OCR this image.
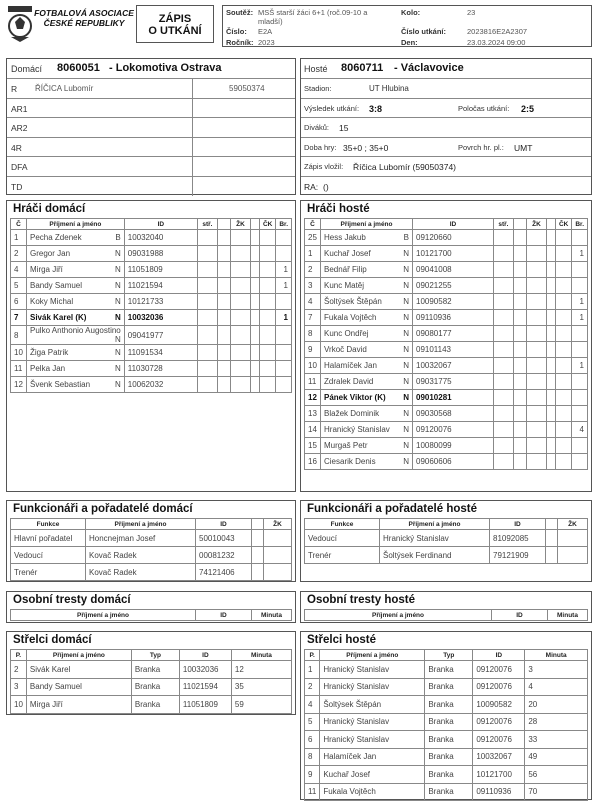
FOTBALOVÁ ASOCIACE ČESKÉ REPUBLIKY	ZÁPIS
O UTKÁNÍ
Soutěž: MSŠ starší žáci 6+1 (roč.09-10 a mladší)
Číslo: E2A
Ročník: 2023
Kolo:	23
Číslo utkání:	2023816E2A2307
Den:	23.03.2024 09:00
Domácí 8060051 - Lokomotiva Ostrava
R ŘÍČICA Lubomír	59050374
AR1
AR2
4R
DFA
TD
Hosté 8060711 - Václavovice
Stadion:	UT Hlubina
Výsledek utkání: 3:8	Poločas utkání: 2:5
Diváků: 15
Doba hry: 35+0 ; 35+0	Povrch hr. pl.: UMT
Zápis vložil: Říčica Lubomír (59050374)
RA: ()
Hráči domácí
Č	Příjmení a jméno	ID	stř.		ŽK		ČK	Br.
1	Pecha Zdenek B	10032040						
2	Gregor Jan N	09031988						
4	Mirga Jiří N	11051809						1
5	Bandy Samuel N	11021594						1
6	Koky Michal N	10121733						
7	Sivák Karel (K) N	10032036						1
8	Pulko Anthonio Augostino
N	09041977						
10	Žiga Patrik N	11091534						
11	Pelka Jan N	11030728						
12	Švenk Sebastian N	10062032						
Hráči hosté
Č	Příjmení a jméno	ID	stř.		ŽK		ČK	Br.
25	Hess Jakub B	09120660						
1	Kuchař Josef N	10121700						1
2	Bednář Filip N	09041008						
3	Kunc Matěj N	09021255						
4	Šoltýsek Štěpán N	10090582						1
7	Fukala Vojtěch N	09110936						1
8	Kunc Ondřej N	09080177						
9	Vrkoč David N	09101143						
10	Halamíček Jan N	10032067						1
11	Zdralek David N	09031775						
12	Pánek Viktor (K) N	09010281						
13	Blažek Dominik N	09030568						
14	Hranický Stanislav N	09120076						4
15	Murgaš Petr N	10080099						
16	Ciesarik Denis N	09060606						
Funkcionáři a pořadatelé domácí
Funkce	Příjmení a jméno	ID		ŽK
Hlavní pořadatel	Honcnejman Josef	50010043		
Vedoucí	Kovač Radek	00081232		
Trenér	Kovač Radek	74121406		
Funkcionáři a pořadatelé hosté
Funkce	Příjmení a jméno	ID		ŽK
Vedoucí	Hranický Stanislav	81092085		
Trenér	Šoltýsek Ferdinand	79121909		
Osobní tresty domácí
Příjmení a jméno	ID	Minuta
Osobní tresty hosté
Příjmení a jméno	ID	Minuta
Střelci domácí
P.	Příjmení a jméno	Typ	ID	Minuta
2	Sivák Karel	Branka	10032036	12
3	Bandy Samuel	Branka	11021594	35
10	Mirga Jiří	Branka	11051809	59
Střelci hosté
P.	Příjmení a jméno	Typ	ID	Minuta
1	Hranický Stanislav	Branka	09120076	3
2	Hranický Stanislav	Branka	09120076	4
4	Šoltýsek Štěpán	Branka	10090582	20
5	Hranický Stanislav	Branka	09120076	28
6	Hranický Stanislav	Branka	09120076	33
8	Halamíček Jan	Branka	10032067	49
9	Kuchař Josef	Branka	10121700	56
11	Fukala Vojtěch	Branka	09110936	70
